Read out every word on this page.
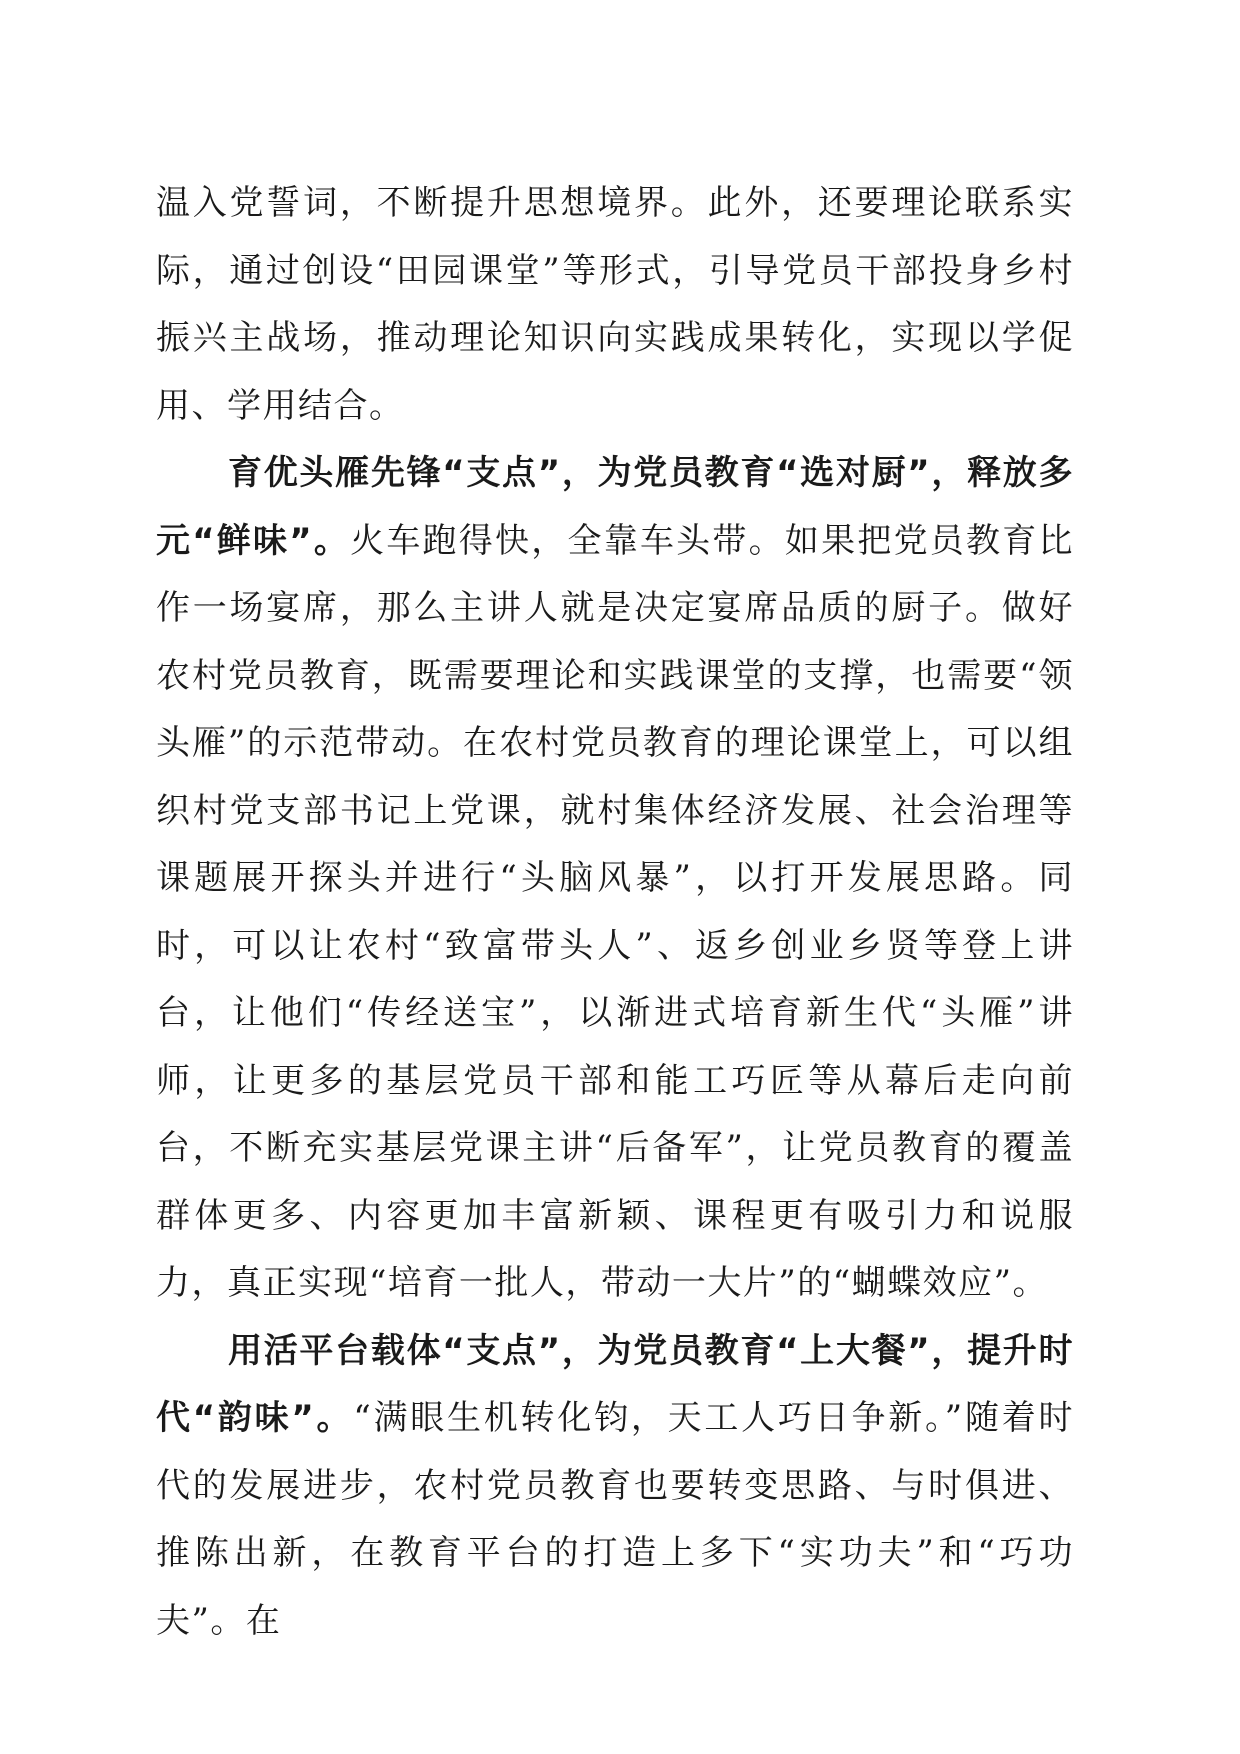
温入党誓词，不断提升思想境界。此外，还要理论联系实际，通过创设“田园课堂”等形式，引导党员干部投身乡村振兴主战场，推动理论知识向实践成果转化，实现以学促用、学用结合。

育优头雁先锋“支点”，为党员教育“选对厨”，释放多元“鲜味”。火车跑得快，全靠车头带。如果把党员教育比作一场宴席，那么主讲人就是决定宴席品质的厨子。做好农村党员教育，既需要理论和实践课堂的支撑，也需要“领头雁”的示范带动。在农村党员教育的理论课堂上，可以组织村党支部书记上党课，就村集体经济发展、社会治理等课题展开探头并进行“头脑风暴”，以打开发展思路。同时，可以让农村“致富带头人”、返乡创业乡贤等登上讲台，让他们“传经送宝”，以渐进式培育新生代“头雁”讲师，让更多的基层党员干部和能工巧匠等从幕后走向前台，不断充实基层党课主讲“后备军”，让党员教育的覆盖群体更多、内容更加丰富新颖、课程更有吸引力和说服力，真正实现“培育一批人，带动一大片”的“蝴蝶效应”。

用活平台载体“支点”，为党员教育“上大餐”，提升时代“韵味”。“满眼生机转化钧，天工人巧日争新。”随着时代的发展进步，农村党员教育也要转变思路、与时俱进、推陈出新，在教育平台的打造上多下“实功夫”和“巧功夫”。在
